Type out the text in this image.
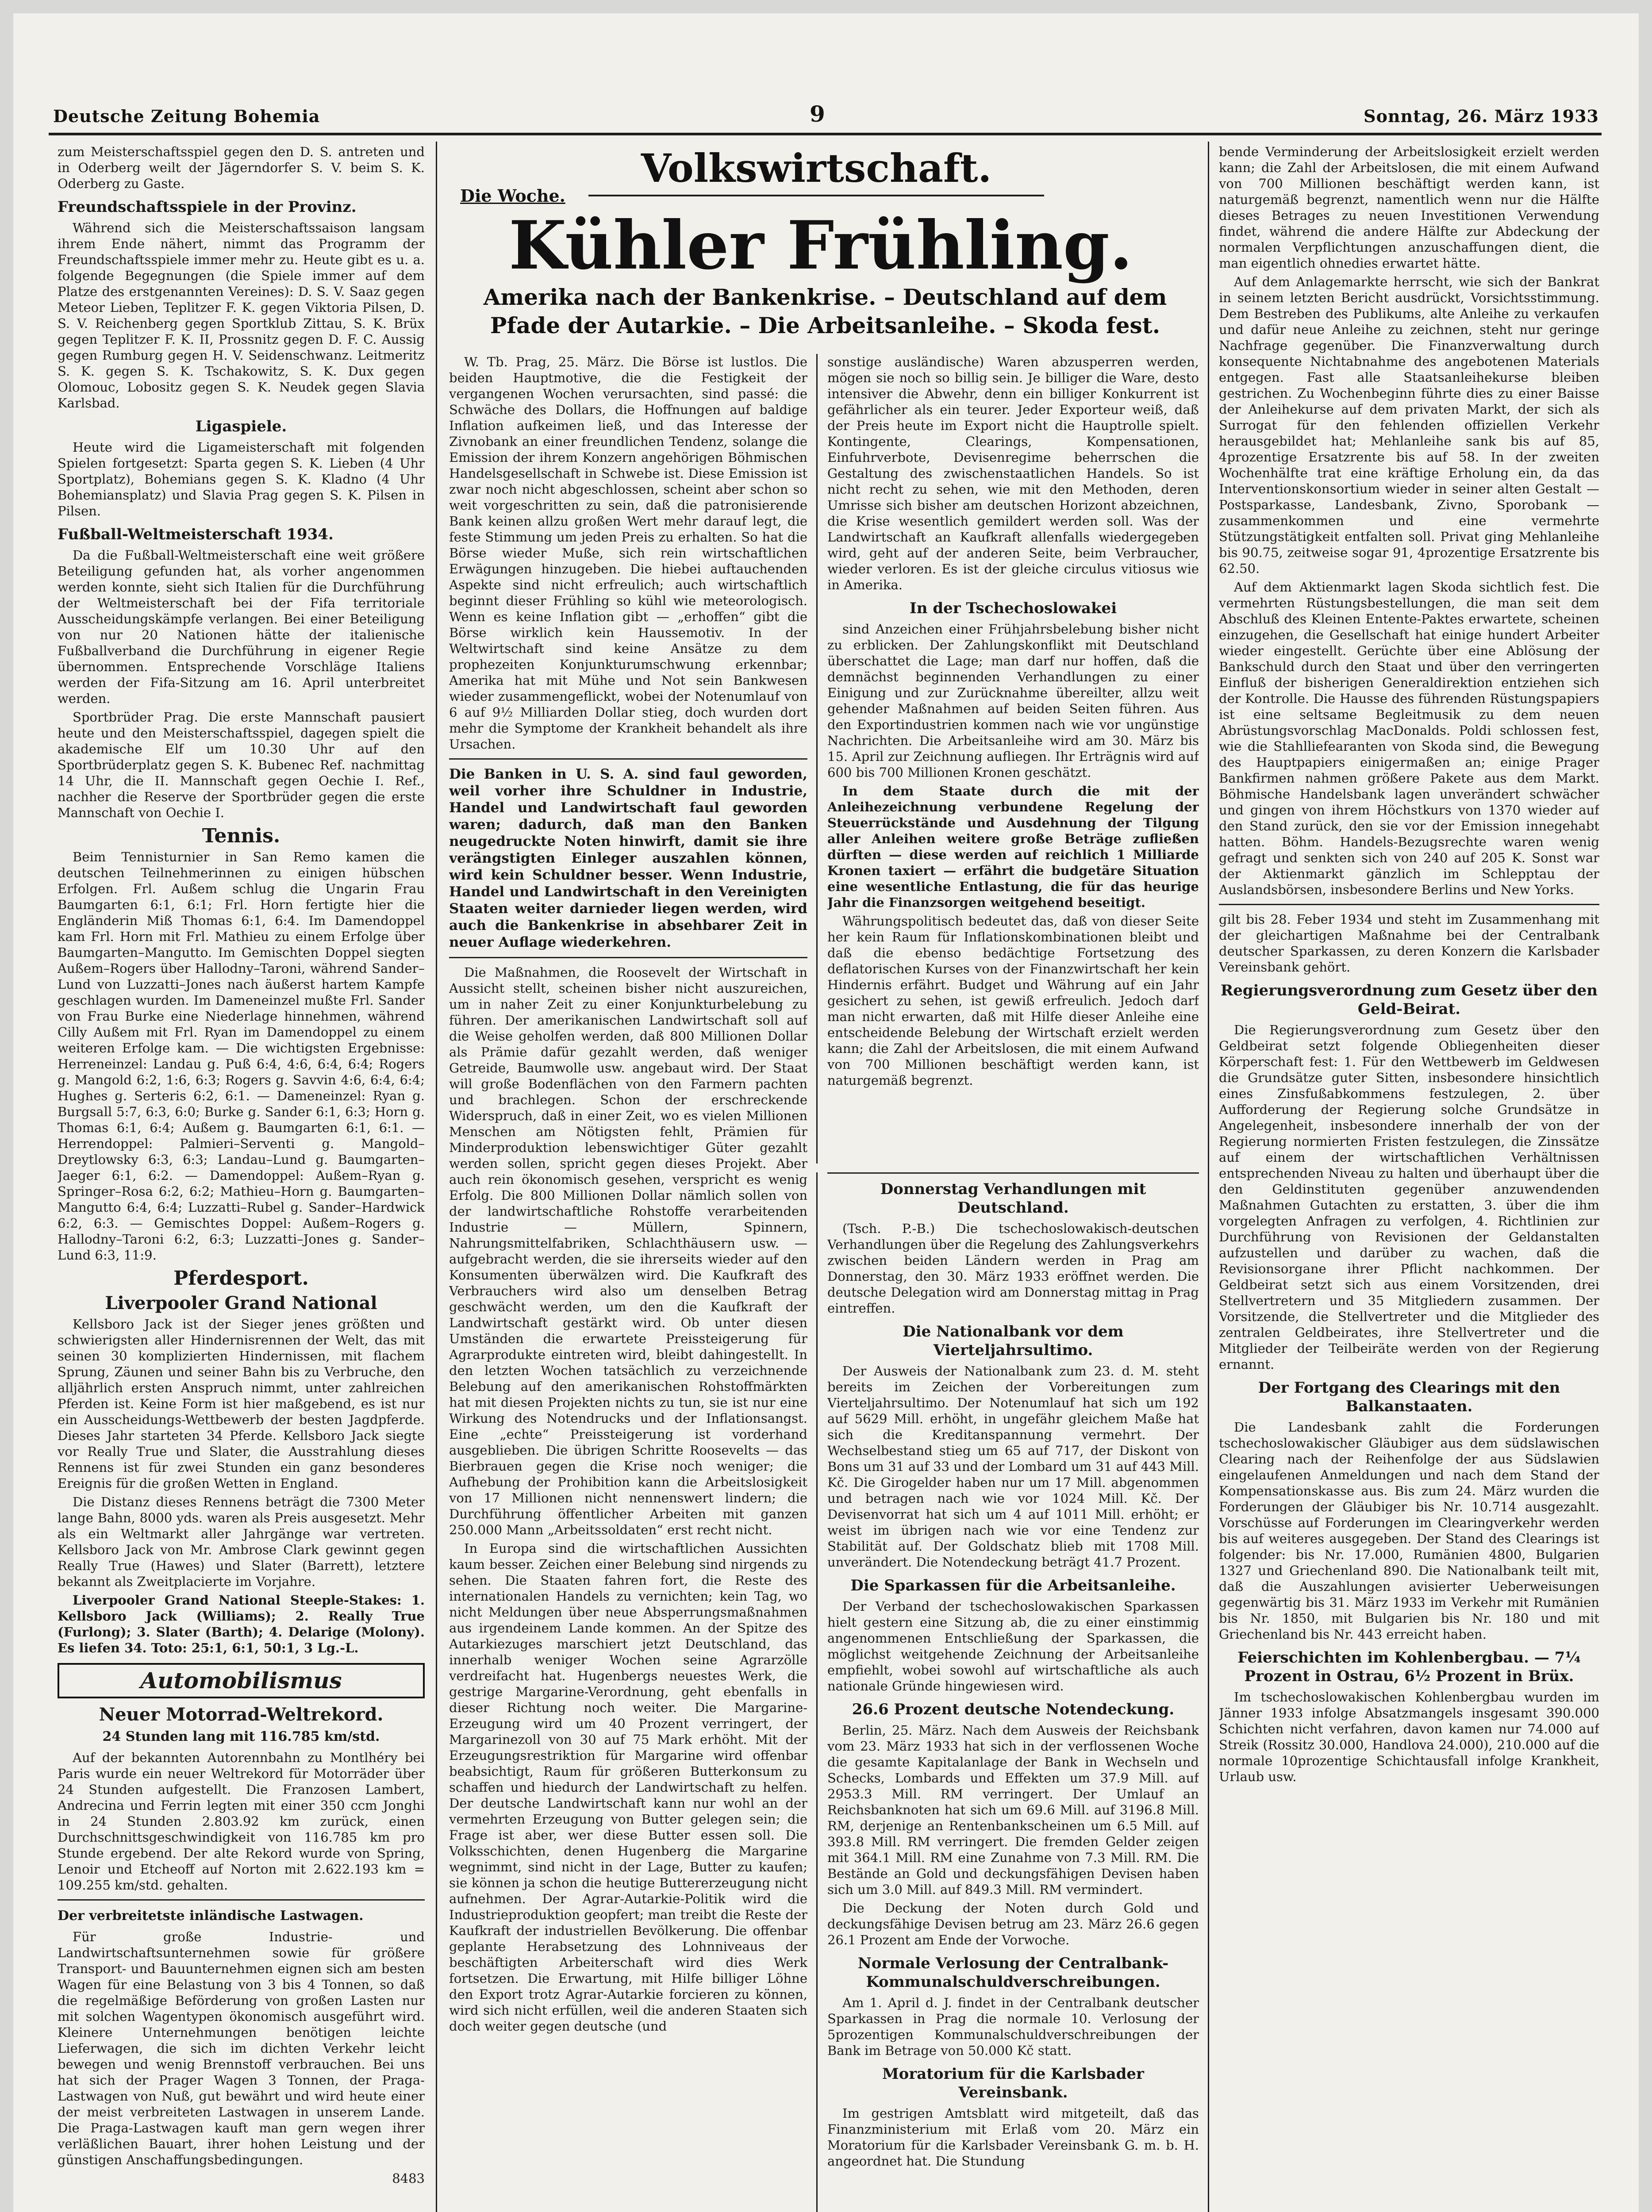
Deutsche Zeitung Bohemia	9	Sonntag, 26. März 1933
Volkswirtschaft.
Die Woche.
Kühler Frühling.
Amerika nach der Bankenkrise. – Deutschland auf dem Pfade der Autarkie. – Die Arbeitsanleihe. – Skoda fest.

zum Meisterschaftsspiel gegen den D. S. antreten und in Oderberg weilt der Jägerndorfer S. V. beim S. K. Oderberg zu Gaste.

Freundschaftsspiele in der Provinz.

Während sich die Meisterschaftssaison langsam ihrem Ende nähert, nimmt das Programm der Freundschaftsspiele immer mehr zu. Heute gibt es u. a. folgende Begegnungen (die Spiele immer auf dem Platze des erstgenannten Vereines): D. S. V. Saaz gegen Meteor Lieben, Teplitzer F. K. gegen Viktoria Pilsen, D. S. V. Reichenberg gegen Sportklub Zittau, S. K. Brüx gegen Teplitzer F. K. II, Prossnitz gegen D. F. C. Aussig gegen Rumburg gegen H. V. Seidenschwanz. Leitmeritz S. K. gegen S. K. Tschakowitz, S. K. Dux gegen Olomouc, Lobositz gegen S. K. Neudek gegen Slavia Karlsbad.

Ligaspiele.

Heute wird die Ligameisterschaft mit folgenden Spielen fortgesetzt: Sparta gegen S. K. Lieben (4 Uhr Sportplatz), Bohemians gegen S. K. Kladno (4 Uhr Bohemiansplatz) und Slavia Prag gegen S. K. Pilsen in Pilsen.

Fußball-Weltmeisterschaft 1934.

Da die Fußball-Weltmeisterschaft eine weit größere Beteiligung gefunden hat, als vorher angenommen werden konnte, sieht sich Italien für die Durchführung der Weltmeisterschaft bei der Fifa territoriale Ausscheidungskämpfe verlangen. Bei einer Beteiligung von nur 20 Nationen hätte der italienische Fußballverband die Durchführung in eigener Regie übernommen. Entsprechende Vorschläge Italiens werden der Fifa-Sitzung am 16. April unterbreitet werden.

Sportbrüder Prag. Die erste Mannschaft pausiert heute und den Meisterschaftsspiel, dagegen spielt die akademische Elf um 10.30 Uhr auf den Sportbrüderplatz gegen S. K. Bubenec Ref. nachmittag 14 Uhr, die II. Mannschaft gegen Oechie I. Ref., nachher die Reserve der Sportbrüder gegen die erste Mannschaft von Oechie I.

Tennis.

Beim Tennisturnier in San Remo kamen die deutschen Teilnehmerinnen zu einigen hübschen Erfolgen. Frl. Außem schlug die Ungarin Frau Baumgarten 6:1, 6:1; Frl. Horn fertigte hier die Engländerin Miß Thomas 6:1, 6:4. Im Damendoppel kam Frl. Horn mit Frl. Mathieu zu einem Erfolge über Baumgarten–Mangutto. Im Gemischten Doppel siegten Außem–Rogers über Hallodny–Taroni, während Sander–Lund von Luzzatti–Jones nach äußerst hartem Kampfe geschlagen wurden. Im Dameneinzel mußte Frl. Sander von Frau Burke eine Niederlage hinnehmen, während Cilly Außem mit Frl. Ryan im Damendoppel zu einem weiteren Erfolge kam. — Die wichtigsten Ergebnisse: Herreneinzel: Landau g. Puß 6:4, 4:6, 6:4, 6:4; Rogers g. Mangold 6:2, 1:6, 6:3; Rogers g. Savvin 4:6, 6:4, 6:4; Hughes g. Serteris 6:2, 6:1. — Dameneinzel: Ryan g. Burgsall 5:7, 6:3, 6:0; Burke g. Sander 6:1, 6:3; Horn g. Thomas 6:1, 6:4; Außem g. Baumgarten 6:1, 6:1. — Herrendoppel: Palmieri–Serventi g. Mangold–Dreytlowsky 6:3, 6:3; Landau–Lund g. Baumgarten–Jaeger 6:1, 6:2. — Damendoppel: Außem–Ryan g. Springer–Rosa 6:2, 6:2; Mathieu–Horn g. Baumgarten–Mangutto 6:4, 6:4; Luzzatti–Rubel g. Sander–Hardwick 6:2, 6:3. — Gemischtes Doppel: Außem–Rogers g. Hallodny–Taroni 6:2, 6:3; Luzzatti–Jones g. Sander–Lund 6:3, 11:9.

Pferdesport.
Liverpooler Grand National

Kellsboro Jack ist der Sieger jenes größten und schwierigsten aller Hindernisrennen der Welt, das mit seinen 30 komplizierten Hindernissen, mit flachem Sprung, Zäunen und seiner Bahn bis zu Verbruche, den alljährlich ersten Anspruch nimmt, unter zahlreichen Pferden ist. Keine Form ist hier maßgebend, es ist nur ein Ausscheidungs-Wettbewerb der besten Jagdpferde. Dieses Jahr starteten 34 Pferde. Kellsboro Jack siegte vor Really True und Slater, die Ausstrahlung dieses Rennens ist für zwei Stunden ein ganz besonderes Ereignis für die großen Wetten in England.

Die Distanz dieses Rennens beträgt die 7300 Meter lange Bahn, 8000 yds. waren als Preis ausgesetzt. Mehr als ein Weltmarkt aller Jahrgänge war vertreten. Kellsboro Jack von Mr. Ambrose Clark gewinnt gegen Really True (Hawes) und Slater (Barrett), letztere bekannt als Zweitplacierte im Vorjahre.

Liverpooler Grand National Steeple-Stakes: 1. Kellsboro Jack (Williams); 2. Really True (Furlong); 3. Slater (Barth); 4. Delarige (Molony). Es liefen 34. Toto: 25:1, 6:1, 50:1, 3 Lg.-L.

Automobilismus
Neuer Motorrad-Weltrekord.
24 Stunden lang mit 116.785 km/std.

Auf der bekannten Autorennbahn zu Montlhéry bei Paris wurde ein neuer Weltrekord für Motorräder über 24 Stunden aufgestellt. Die Franzosen Lambert, Andrecina und Ferrin legten mit einer 350 ccm Jonghi in 24 Stunden 2.803.92 km zurück, einen Durchschnittsgeschwindigkeit von 116.785 km pro Stunde ergebend. Der alte Rekord wurde von Spring, Lenoir und Etcheoff auf Norton mit 2.622.193 km = 109.255 km/std. gehalten.

Der verbreitetste inländische Lastwagen.

Für große Industrie- und Landwirtschaftsunternehmen sowie für größere Transport- und Bauunternehmen eignen sich am besten Wagen für eine Belastung von 3 bis 4 Tonnen, so daß die regelmäßige Beförderung von großen Lasten nur mit solchen Wagentypen ökonomisch ausgeführt wird. Kleinere Unternehmungen benötigen leichte Lieferwagen, die sich im dichten Verkehr leicht bewegen und wenig Brennstoff verbrauchen. Bei uns hat sich der Prager Wagen 3 Tonnen, der Praga-Lastwagen von Nuß, gut bewährt und wird heute einer der meist verbreiteten Lastwagen in unserem Lande. Die Praga-Lastwagen kauft man gern wegen ihrer verläßlichen Bauart, ihrer hohen Leistung und der günstigen Anschaffungsbedingungen.

8483

W. Tb. Prag, 25. März. Die Börse ist lustlos. Die beiden Hauptmotive, die die Festigkeit der vergangenen Wochen verursachten, sind passé: die Schwäche des Dollars, die Hoffnungen auf baldige Inflation aufkeimen ließ, und das Interesse der Zivnobank an einer freundlichen Tendenz, solange die Emission der ihrem Konzern angehörigen Böhmischen Handelsgesellschaft in Schwebe ist. Diese Emission ist zwar noch nicht abgeschlossen, scheint aber schon so weit vorgeschritten zu sein, daß die patronisierende Bank keinen allzu großen Wert mehr darauf legt, die feste Stimmung um jeden Preis zu erhalten. So hat die Börse wieder Muße, sich rein wirtschaftlichen Erwägungen hinzugeben. Die hiebei auftauchenden Aspekte sind nicht erfreulich; auch wirtschaftlich beginnt dieser Frühling so kühl wie meteorologisch. Wenn es keine Inflation gibt — „erhoffen“ gibt die Börse wirklich kein Haussemotiv. In der Weltwirtschaft sind keine Ansätze zu dem prophezeiten Konjunkturumschwung erkennbar; Amerika hat mit Mühe und Not sein Bankwesen wieder zusammengeflickt, wobei der Notenumlauf von 6 auf 9½ Milliarden Dollar stieg, doch wurden dort mehr die Symptome der Krankheit behandelt als ihre Ursachen.

Die Banken in U. S. A. sind faul geworden, weil vorher ihre Schuldner in Industrie, Handel und Landwirtschaft faul geworden waren; dadurch, daß man den Banken neugedruckte Noten hinwirft, damit sie ihre verängstigten Einleger auszahlen können, wird kein Schuldner besser. Wenn Industrie, Handel und Landwirtschaft in den Vereinigten Staaten weiter darnieder liegen werden, wird auch die Bankenkrise in absehbarer Zeit in neuer Auflage wiederkehren.

Die Maßnahmen, die Roosevelt der Wirtschaft in Aussicht stellt, scheinen bisher nicht auszureichen, um in naher Zeit zu einer Konjunkturbelebung zu führen. Der amerikanischen Landwirtschaft soll auf die Weise geholfen werden, daß 800 Millionen Dollar als Prämie dafür gezahlt werden, daß weniger Getreide, Baumwolle usw. angebaut wird. Der Staat will große Bodenflächen von den Farmern pachten und brachlegen. Schon der erschreckende Widerspruch, daß in einer Zeit, wo es vielen Millionen Menschen am Nötigsten fehlt, Prämien für Minderproduktion lebenswichtiger Güter gezahlt werden sollen, spricht gegen dieses Projekt. Aber auch rein ökonomisch gesehen, verspricht es wenig Erfolg. Die 800 Millionen Dollar nämlich sollen von der landwirtschaftliche Rohstoffe verarbeitenden Industrie — Müllern, Spinnern, Nahrungsmittelfabriken, Schlachthäusern usw. — aufgebracht werden, die sie ihrerseits wieder auf den Konsumenten überwälzen wird. Die Kaufkraft des Verbrauchers wird also um denselben Betrag geschwächt werden, um den die Kaufkraft der Landwirtschaft gestärkt wird. Ob unter diesen Umständen die erwartete Preissteigerung für Agrarprodukte eintreten wird, bleibt dahingestellt. In den letzten Wochen tatsächlich zu verzeichnende Belebung auf den amerikanischen Rohstoffmärkten hat mit diesen Projekten nichts zu tun, sie ist nur eine Wirkung des Notendrucks und der Inflationsangst. Eine „echte“ Preissteigerung ist vorderhand ausgeblieben. Die übrigen Schritte Roosevelts — das Bierbrauen gegen die Krise noch weniger; die Aufhebung der Prohibition kann die Arbeitslosigkeit von 17 Millionen nicht nennenswert lindern; die Durchführung öffentlicher Arbeiten mit ganzen 250.000 Mann „Arbeitssoldaten“ erst recht nicht.

In Europa sind die wirtschaftlichen Aussichten kaum besser. Zeichen einer Belebung sind nirgends zu sehen. Die Staaten fahren fort, die Reste des internationalen Handels zu vernichten; kein Tag, wo nicht Meldungen über neue Absperrungsmaßnahmen aus irgendeinem Lande kommen. An der Spitze des Autarkiezuges marschiert jetzt Deutschland, das innerhalb weniger Wochen seine Agrarzölle verdreifacht hat. Hugenbergs neuestes Werk, die gestrige Margarine-Verordnung, geht ebenfalls in dieser Richtung noch weiter. Die Margarine-Erzeugung wird um 40 Prozent verringert, der Margarinezoll von 30 auf 75 Mark erhöht. Mit der Erzeugungsrestriktion für Margarine wird offenbar beabsichtigt, Raum für größeren Butterkonsum zu schaffen und hiedurch der Landwirtschaft zu helfen. Der deutsche Landwirtschaft kann nur wohl an der vermehrten Erzeugung von Butter gelegen sein; die Frage ist aber, wer diese Butter essen soll. Die Volksschichten, denen Hugenberg die Margarine wegnimmt, sind nicht in der Lage, Butter zu kaufen; sie können ja schon die heutige Buttererzeugung nicht aufnehmen. Der Agrar-Autarkie-Politik wird die Industrieproduktion geopfert; man treibt die Reste der Kaufkraft der industriellen Bevölkerung. Die offenbar geplante Herabsetzung des Lohnniveaus der beschäftigten Arbeiterschaft wird dies Werk fortsetzen. Die Erwartung, mit Hilfe billiger Löhne den Export trotz Agrar-Autarkie forcieren zu können, wird sich nicht erfüllen, weil die anderen Staaten sich doch weiter gegen deutsche (und

sonstige ausländische) Waren abzusperren werden, mögen sie noch so billig sein. Je billiger die Ware, desto intensiver die Abwehr, denn ein billiger Konkurrent ist gefährlicher als ein teurer. Jeder Exporteur weiß, daß der Preis heute im Export nicht die Hauptrolle spielt. Kontingente, Clearings, Kompensationen, Einfuhrverbote, Devisenregime beherrschen die Gestaltung des zwischenstaatlichen Handels. So ist nicht recht zu sehen, wie mit den Methoden, deren Umrisse sich bisher am deutschen Horizont abzeichnen, die Krise wesentlich gemildert werden soll. Was der Landwirtschaft an Kaufkraft allenfalls wiedergegeben wird, geht auf der anderen Seite, beim Verbraucher, wieder verloren. Es ist der gleiche circulus vitiosus wie in Amerika.

In der Tschechoslowakei

sind Anzeichen einer Frühjahrsbelebung bisher nicht zu erblicken. Der Zahlungskonflikt mit Deutschland überschattet die Lage; man darf nur hoffen, daß die demnächst beginnenden Verhandlungen zu einer Einigung und zur Zurücknahme übereilter, allzu weit gehender Maßnahmen auf beiden Seiten führen. Aus den Exportindustrien kommen nach wie vor ungünstige Nachrichten. Die Arbeitsanleihe wird am 30. März bis 15. April zur Zeichnung aufliegen. Ihr Erträgnis wird auf 600 bis 700 Millionen Kronen geschätzt.

In dem Staate durch die mit der Anleihezeichnung verbundene Regelung der Steuerrückstände und Ausdehnung der Tilgung aller Anleihen weitere große Beträge zufließen dürften — diese werden auf reichlich 1 Milliarde Kronen taxiert — erfährt die budgetäre Situation eine wesentliche Entlastung, die für das heurige Jahr die Finanzsorgen weitgehend beseitigt.

Währungspolitisch bedeutet das, daß von dieser Seite her kein Raum für Inflationskombinationen bleibt und daß die ebenso bedächtige Fortsetzung des deflatorischen Kurses von der Finanzwirtschaft her kein Hindernis erfährt. Budget und Währung auf ein Jahr gesichert zu sehen, ist gewiß erfreulich. Jedoch darf man nicht erwarten, daß mit Hilfe dieser Anleihe eine entscheidende Belebung der Wirtschaft erzielt werden kann; die Zahl der Arbeitslosen, die mit einem Aufwand von 700 Millionen beschäftigt werden kann, ist naturgemäß begrenzt.

Donnerstag Verhandlungen mit Deutschland.

(Tsch. P.-B.) Die tschechoslowakisch-deutschen Verhandlungen über die Regelung des Zahlungsverkehrs zwischen beiden Ländern werden in Prag am Donnerstag, den 30. März 1933 eröffnet werden. Die deutsche Delegation wird am Donnerstag mittag in Prag eintreffen.

Die Nationalbank vor dem Vierteljahrsultimo.

Der Ausweis der Nationalbank zum 23. d. M. steht bereits im Zeichen der Vorbereitungen zum Vierteljahrsultimo. Der Notenumlauf hat sich um 192 auf 5629 Mill. erhöht, in ungefähr gleichem Maße hat sich die Kreditanspannung vermehrt. Der Wechselbestand stieg um 65 auf 717, der Diskont von Bons um 31 auf 33 und der Lombard um 31 auf 443 Mill. Kč. Die Girogelder haben nur um 17 Mill. abgenommen und betragen nach wie vor 1024 Mill. Kč. Der Devisenvorrat hat sich um 4 auf 1011 Mill. erhöht; er weist im übrigen nach wie vor eine Tendenz zur Stabilität auf. Der Goldschatz blieb mit 1708 Mill. unverändert. Die Notendeckung beträgt 41.7 Prozent.

Die Sparkassen für die Arbeitsanleihe.

Der Verband der tschechoslowakischen Sparkassen hielt gestern eine Sitzung ab, die zu einer einstimmig angenommenen Entschließung der Sparkassen, die möglichst weitgehende Zeichnung der Arbeitsanleihe empfiehlt, wobei sowohl auf wirtschaftliche als auch nationale Gründe hingewiesen wird.

26.6 Prozent deutsche Notendeckung.

Berlin, 25. März. Nach dem Ausweis der Reichsbank vom 23. März 1933 hat sich in der verflossenen Woche die gesamte Kapitalanlage der Bank in Wechseln und Schecks, Lombards und Effekten um 37.9 Mill. auf 2953.3 Mill. RM verringert. Der Umlauf an Reichsbanknoten hat sich um 69.6 Mill. auf 3196.8 Mill. RM, derjenige an Rentenbankscheinen um 6.5 Mill. auf 393.8 Mill. RM verringert. Die fremden Gelder zeigen mit 364.1 Mill. RM eine Zunahme von 7.3 Mill. RM. Die Bestände an Gold und deckungsfähigen Devisen haben sich um 3.0 Mill. auf 849.3 Mill. RM vermindert.

Die Deckung der Noten durch Gold und deckungsfähige Devisen betrug am 23. März 26.6 gegen 26.1 Prozent am Ende der Vorwoche.

Normale Verlosung der Centralbank-Kommunalschuldverschreibungen.

Am 1. April d. J. findet in der Centralbank deutscher Sparkassen in Prag die normale 10. Verlosung der 5prozentigen Kommunalschuldverschreibungen der Bank im Betrage von 50.000 Kč statt.

Moratorium für die Karlsbader Vereinsbank.

Im gestrigen Amtsblatt wird mitgeteilt, daß das Finanzministerium mit Erlaß vom 20. März ein Moratorium für die Karlsbader Vereinsbank G. m. b. H. angeordnet hat. Die Stundung

bende Verminderung der Arbeitslosigkeit erzielt werden kann; die Zahl der Arbeitslosen, die mit einem Aufwand von 700 Millionen beschäftigt werden kann, ist naturgemäß begrenzt, namentlich wenn nur die Hälfte dieses Betrages zu neuen Investitionen Verwendung findet, während die andere Hälfte zur Abdeckung der normalen Verpflichtungen anzuschaffungen dient, die man eigentlich ohnedies erwartet hätte.

Auf dem Anlagemarkte herrscht, wie sich der Bankrat in seinem letzten Bericht ausdrückt, Vorsichtsstimmung. Dem Bestreben des Publikums, alte Anleihe zu verkaufen und dafür neue Anleihe zu zeichnen, steht nur geringe Nachfrage gegenüber. Die Finanzverwaltung durch konsequente Nichtabnahme des angebotenen Materials entgegen. Fast alle Staatsanleihekurse bleiben gestrichen. Zu Wochenbeginn führte dies zu einer Baisse der Anleihekurse auf dem privaten Markt, der sich als Surrogat für den fehlenden offiziellen Verkehr herausgebildet hat; Mehlanleihe sank bis auf 85, 4prozentige Ersatzrente bis auf 58. In der zweiten Wochenhälfte trat eine kräftige Erholung ein, da das Interventionskonsortium wieder in seiner alten Gestalt — Postsparkasse, Landesbank, Zivno, Sporobank — zusammenkommen und eine vermehrte Stützungstätigkeit entfalten soll. Privat ging Mehlanleihe bis 90.75, zeitweise sogar 91, 4prozentige Ersatzrente bis 62.50.

Auf dem Aktienmarkt lagen Skoda sichtlich fest. Die vermehrten Rüstungsbestellungen, die man seit dem Abschluß des Kleinen Entente-Paktes erwartete, scheinen einzugehen, die Gesellschaft hat einige hundert Arbeiter wieder eingestellt. Gerüchte über eine Ablösung der Bankschuld durch den Staat und über den verringerten Einfluß der bisherigen Generaldirektion entziehen sich der Kontrolle. Die Hausse des führenden Rüstungspapiers ist eine seltsame Begleitmusik zu dem neuen Abrüstungsvorschlag MacDonalds. Poldi schlossen fest, wie die Stahlliefearanten von Skoda sind, die Bewegung des Hauptpapiers einigermaßen an; einige Prager Bankfirmen nahmen größere Pakete aus dem Markt. Böhmische Handelsbank lagen unverändert schwächer und gingen von ihrem Höchstkurs von 1370 wieder auf den Stand zurück, den sie vor der Emission innegehabt hatten. Böhm. Handels-Bezugsrechte waren wenig gefragt und senkten sich von 240 auf 205 K. Sonst war der Aktienmarkt gänzlich im Schlepptau der Auslandsbörsen, insbesondere Berlins und New Yorks.

gilt bis 28. Feber 1934 und steht im Zusammenhang mit der gleichartigen Maßnahme bei der Centralbank deutscher Sparkassen, zu deren Konzern die Karlsbader Vereinsbank gehört.

Regierungsverordnung zum Gesetz über den Geld-Beirat.

Die Regierungsverordnung zum Gesetz über den Geldbeirat setzt folgende Obliegenheiten dieser Körperschaft fest: 1. Für den Wettbewerb im Geldwesen die Grundsätze guter Sitten, insbesondere hinsichtlich eines Zinsfußabkommens festzulegen, 2. über Aufforderung der Regierung solche Grundsätze in Angelegenheit, insbesondere innerhalb der von der Regierung normierten Fristen festzulegen, die Zinssätze auf einem der wirtschaftlichen Verhältnissen entsprechenden Niveau zu halten und überhaupt über die den Geldinstituten gegenüber anzuwendenden Maßnahmen Gutachten zu erstatten, 3. über die ihm vorgelegten Anfragen zu verfolgen, 4. Richtlinien zur Durchführung von Revisionen der Geldanstalten aufzustellen und darüber zu wachen, daß die Revisionsorgane ihrer Pflicht nachkommen. Der Geldbeirat setzt sich aus einem Vorsitzenden, drei Stellvertretern und 35 Mitgliedern zusammen. Der Vorsitzende, die Stellvertreter und die Mitglieder des zentralen Geldbeirates, ihre Stellvertreter und die Mitglieder der Teilbeiräte werden von der Regierung ernannt.

Der Fortgang des Clearings mit den Balkanstaaten.

Die Landesbank zahlt die Forderungen tschechoslowakischer Gläubiger aus dem südslawischen Clearing nach der Reihenfolge der aus Südslawien eingelaufenen Anmeldungen und nach dem Stand der Kompensationskasse aus. Bis zum 24. März wurden die Forderungen der Gläubiger bis Nr. 10.714 ausgezahlt. Vorschüsse auf Forderungen im Clearingverkehr werden bis auf weiteres ausgegeben. Der Stand des Clearings ist folgender: bis Nr. 17.000, Rumänien 4800, Bulgarien 1327 und Griechenland 890. Die Nationalbank teilt mit, daß die Auszahlungen avisierter Ueberweisungen gegenwärtig bis 31. März 1933 im Verkehr mit Rumänien bis Nr. 1850, mit Bulgarien bis Nr. 180 und mit Griechenland bis Nr. 443 erreicht haben.

Feierschichten im Kohlenbergbau. — 7¼ Prozent in Ostrau, 6½ Prozent in Brüx.

Im tschechoslowakischen Kohlenbergbau wurden im Jänner 1933 infolge Absatzmangels insgesamt 390.000 Schichten nicht verfahren, davon kamen nur 74.000 auf Streik (Rossitz 30.000, Handlova 24.000), 210.000 auf die normale 10prozentige Schichtausfall infolge Krankheit, Urlaub usw.
